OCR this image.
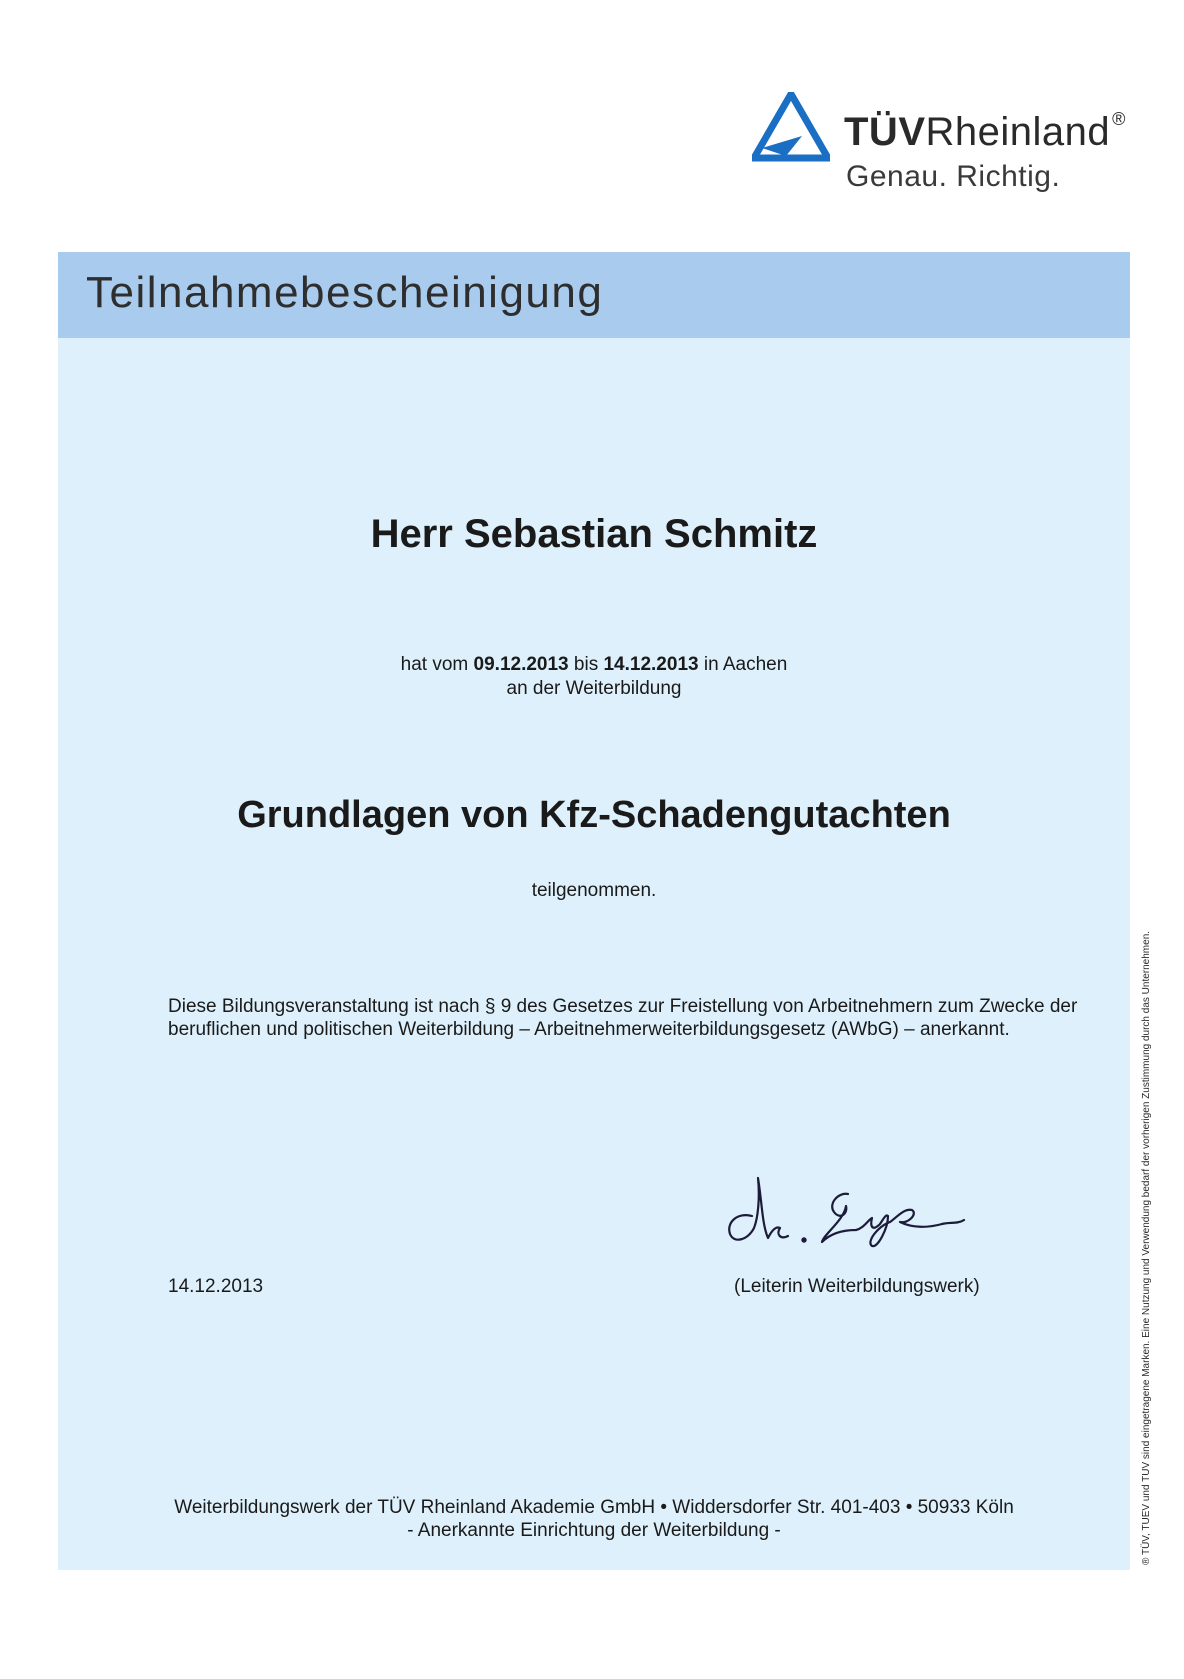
TÜVRheinland ®
Genau. Richtig.
Teilnahmebescheinigung
Herr Sebastian Schmitz
hat vom 09.12.2013 bis 14.12.2013 in Aachen
an der Weiterbildung
Grundlagen von Kfz-Schadengutachten
teilgenommen.
Diese Bildungsveranstaltung ist nach § 9 des Gesetzes zur Freistellung von Arbeitnehmern zum Zwecke der beruflichen und politischen Weiterbildung – Arbeitnehmerweiterbildungsgesetz (AWbG) – anerkannt.
14.12.2013	(Leiterin Weiterbildungswerk)
Weiterbildungswerk der TÜV Rheinland Akademie GmbH • Widdersdorfer Str. 401-403 • 50933 Köln
- Anerkannte Einrichtung der Weiterbildung -	® TÜV, TUEV und TUV sind eingetragene Marken. Eine Nutzung und Verwendung bedarf der vorherigen Zustimmung durch das Unternehmen.
